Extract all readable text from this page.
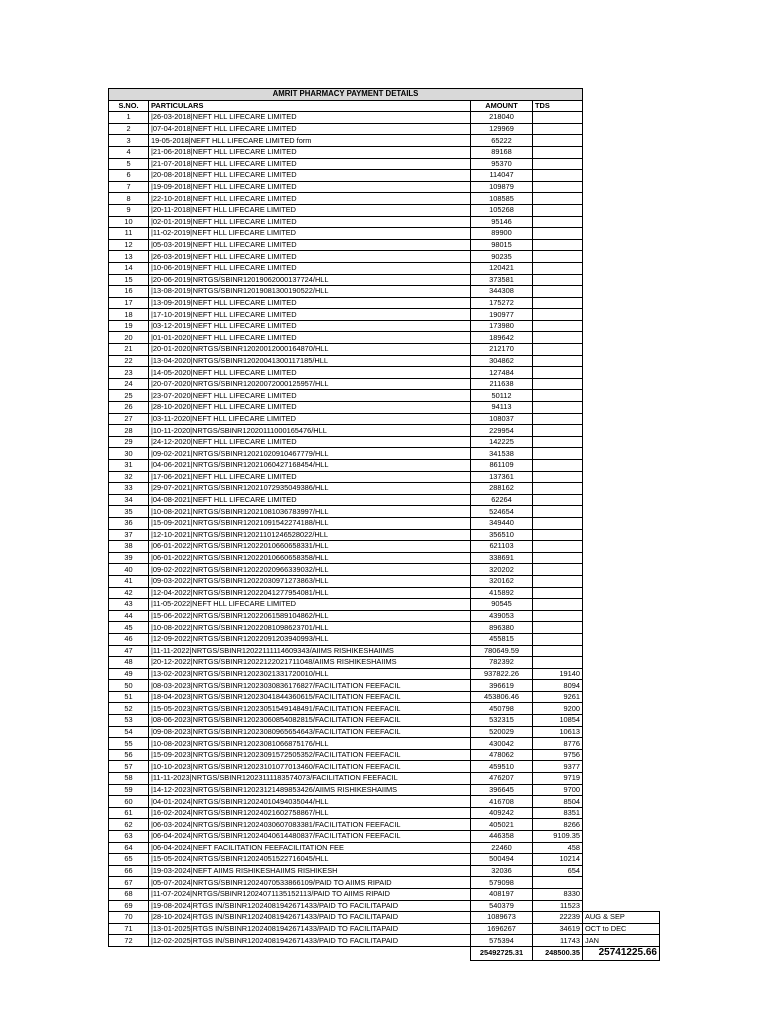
AMRIT PHARMACY PAYMENT DETAILS				
S.NO.	PARTICULARS	AMOUNT	TDS	
1	|26-03-2018|NEFT HLL LIFECARE LIMITED	218040		
2	|07-04-2018|NEFT HLL LIFECARE LIMITED	129969		
3	19-05-2018|NEFT HLL LIFECARE LIMITED form	65222		
4	|21-06-2018|NEFT HLL LIFECARE LIMITED	89168		
5	|21-07-2018|NEFT HLL LIFECARE LIMITED	95370		
6	|20-08-2018|NEFT HLL LIFECARE LIMITED	114047		
7	|19-09-2018|NEFT HLL LIFECARE LIMITED	109879		
8	|22-10-2018|NEFT HLL LIFECARE LIMITED	108585		
9	|20-11-2018|NEFT HLL LIFECARE LIMITED	105268		
10	|02-01-2019|NEFT HLL LIFECARE LIMITED	95146		
11	|11-02-2019|NEFT HLL LIFECARE LIMITED	89900		
12	|05-03-2019|NEFT HLL LIFECARE LIMITED	98015		
13	|26-03-2019|NEFT HLL LIFECARE LIMITED	90235		
14	|10-06-2019|NEFT HLL LIFECARE LIMITED	120421		
15	|20-06-2019|NRTGS/SBINR12019062000137724/HLL	373581		
16	|13-08-2019|NRTGS/SBINR12019081300190522/HLL	344308		
17	|13-09-2019|NEFT HLL LIFECARE LIMITED	175272		
18	|17-10-2019|NEFT HLL LIFECARE LIMITED	190977		
19	|03-12-2019|NEFT HLL LIFECARE LIMITED	173980		
20	|01-01-2020|NEFT HLL LIFECARE LIMITED	189642		
21	|20-01-2020|NRTGS/SBINR12020012000164870/HLL	212170		
22	|13-04-2020|NRTGS/SBINR12020041300117185/HLL	304862		
23	|14-05-2020|NEFT HLL LIFECARE LIMITED	127484		
24	|20-07-2020|NRTGS/SBINR12020072000125957/HLL	211638		
25	|23-07-2020|NEFT HLL LIFECARE LIMITED	50112		
26	|28-10-2020|NEFT HLL LIFECARE LIMITED	94113		
27	|03-11-2020|NEFT HLL LIFECARE LIMITED	108037		
28	|10-11-2020|NRTGS/SBINR12020111000165476/HLL	229954		
29	|24-12-2020|NEFT HLL LIFECARE LIMITED	142225		
30	|09-02-2021|NRTGS/SBINR12021020910467779/HLL	341538		
31	|04-06-2021|NRTGS/SBINR12021060427168454/HLL	861109		
32	|17-06-2021|NEFT HLL LIFECARE LIMITED	137361		
33	|29-07-2021|NRTGS/SBINR12021072935049386/HLL	288162		
34	|04-08-2021|NEFT HLL LIFECARE LIMITED	62264		
35	|10-08-2021|NRTGS/SBINR12021081036783997/HLL	524654		
36	|15-09-2021|NRTGS/SBINR12021091542274188/HLL	349440		
37	|12-10-2021|NRTGS/SBINR12021101246528022/HLL	356510		
38	|06-01-2022|NRTGS/SBINR12022010660658331/HLL	621103		
39	|06-01-2022|NRTGS/SBINR12022010660658358/HLL	338691		
40	|09-02-2022|NRTGS/SBINR12022020966339032/HLL	320202		
41	|09-03-2022|NRTGS/SBINR12022030971273863/HLL	320162		
42	|12-04-2022|NRTGS/SBINR12022041277954081/HLL	415892		
43	|11-05-2022|NEFT HLL LIFECARE LIMITED	90545		
44	|15-06-2022|NRTGS/SBINR12022061589104862/HLL	439053		
45	|10-08-2022|NRTGS/SBINR12022081098623701/HLL	896380		
46	|12-09-2022|NRTGS/SBINR12022091203940993/HLL	455815		
47	|11-11-2022|NRTGS/SBINR12022111114609343/AIIMS RISHIKESHAIIMS	780649.59		
48	|20-12-2022|NRTGS/SBINR12022122021711048/AIIMS RISHIKESHAIIMS	782392		
49	|13-02-2023|NRTGS/SBINR12023021331720010/HLL	937822.26	19140	
50	|08-03-2023|NRTGS/SBINR12023030836176827/FACILITATION FEEFACIL	396619	8094	
51	|18-04-2023|NRTGS/SBINR12023041844360615/FACILITATION FEEFACIL	453806.46	9261	
52	|15-05-2023|NRTGS/SBINR12023051549148491/FACILITATION FEEFACIL	450798	9200	
53	|08-06-2023|NRTGS/SBINR12023060854082815/FACILITATION FEEFACIL	532315	10854	
54	|09-08-2023|NRTGS/SBINR12023080965654643/FACILITATION FEEFACIL	520029	10613	
55	|10-08-2023|NRTGS/SBINR12023081066875176/HLL	430042	8776	
56	|15-09-2023|NRTGS/SBINR12023091572505352/FACILITATION FEEFACIL	478062	9756	
57	|10-10-2023|NRTGS/SBINR12023101077013460/FACILITATION FEEFACIL	459510	9377	
58	|11-11-2023|NRTGS/SBINR12023111183574073/FACILITATION FEEFACIL	476207	9719	
59	|14-12-2023|NRTGS/SBINR12023121489853426/AIIMS RISHIKESHAIIMS	396645	9700	
60	|04-01-2024|NRTGS/SBINR12024010494035044/HLL	416708	8504	
61	|16-02-2024|NRTGS/SBINR12024021602758867/HLL	409242	8351	
62	|06-03-2024|NRTGS/SBINR12024030607083381/FACILITATION FEEFACIL	405021	8266	
63	|06-04-2024|NRTGS/SBINR12024040614480837/FACILITATION FEEFACIL	446358	9109.35	
64	|06-04-2024|NEFT FACILITATION FEEFACILITATION FEE	22460	458	
65	|15-05-2024|NRTGS/SBINR12024051522716045/HLL	500494	10214	
66	|19-03-2024|NEFT AIIMS RISHIKESHAIIMS RISHIKESH	32036	654	
67	|05-07-2024|NRTGS/SBINR12024070533866109/PAID TO AIIMS RIPAID	579098		
68	|11-07-2024|NRTGS/SBINR12024071135152113/PAID TO AIIMS RIPAID	408197	8330	
69	|19-08-2024|RTGS IN/SBINR12024081942671433/PAID TO FACILITAPAID	540379	11523	
70	|28-10-2024|RTGS IN/SBINR12024081942671433/PAID TO FACILITAPAID	1089673	22239	AUG & SEP
71	|13-01-2025|RTGS IN/SBINR12024081942671433/PAID TO FACILITAPAID	1696267	34619	OCT to DEC
72	|12-02-2025|RTGS IN/SBINR12024081942671433/PAID TO FACILITAPAID	575394	11743	JAN
		25492725.31	248500.35	25741225.66
